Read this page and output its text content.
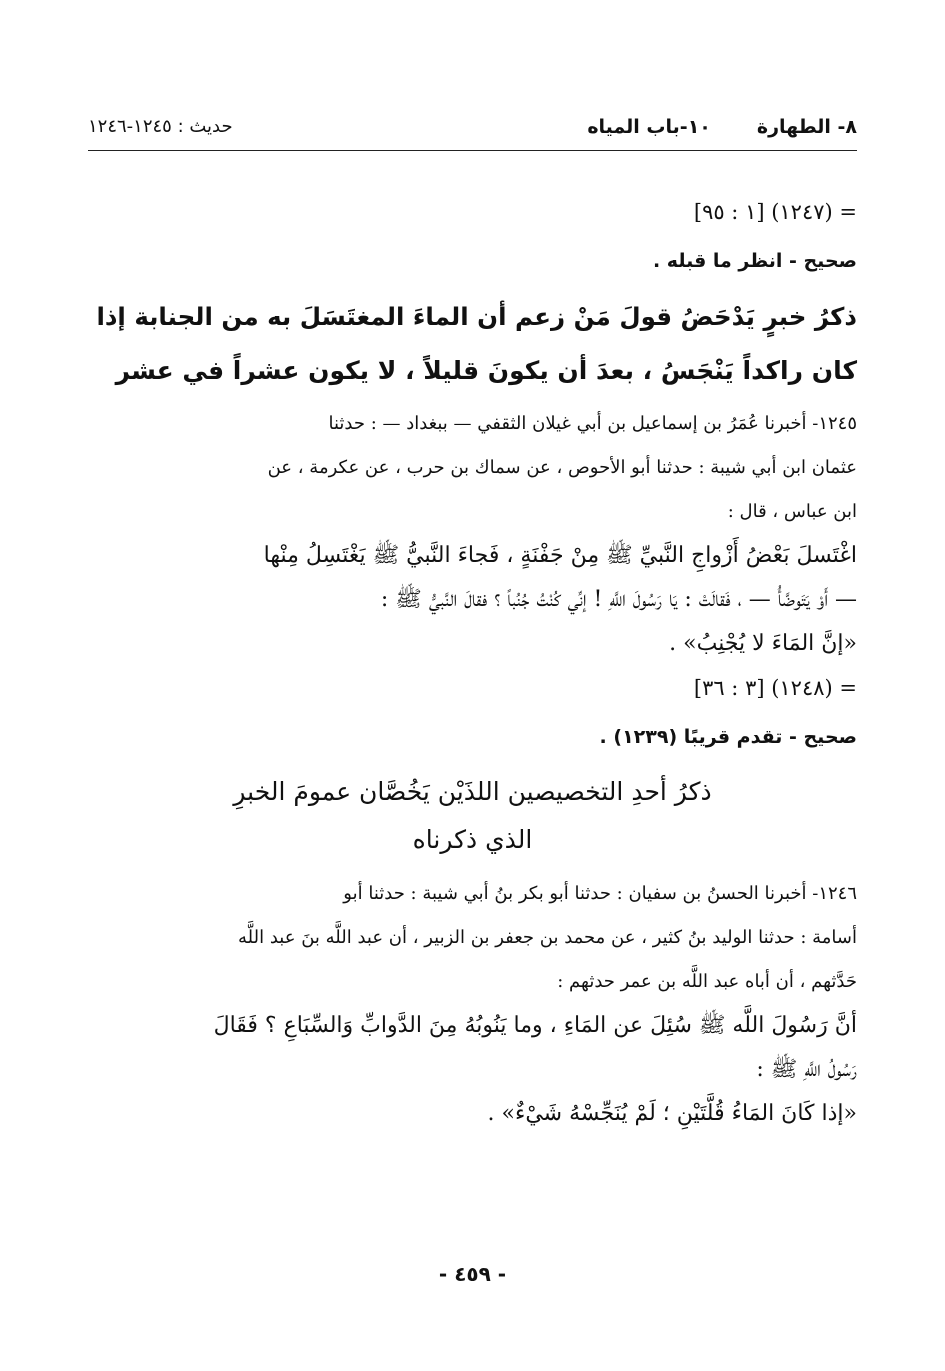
٨- الطهارة١٠-باب المياه
حديث : ١٢٤٥-١٢٤٦

= (١٢٤٧) [١ : ٩٥]

صحيح - انظر ما قبله .

ذكرُ خبرٍ يَدْحَضُ قولَ مَنْ زعم أن الماءَ المغتَسَلَ به من الجنابة إذا

كان راكداً يَنْجَسُ ، بعدَ أن يكونَ قليلاً ، لا يكون عشراً في عشر

١٢٤٥- أخبرنا عُمَرُ بن إسماعيل بن أبي غيلان الثقفي — ببغداد — : حدثنا

عثمان ابن أبي شيبة : حدثنا أبو الأحوص ، عن سماك بن حرب ، عن عكرمة ، عن

ابن عباس ، قال :

اغْتَسلَ بَعْضُ أَزْواجِ النَّبيِّ ﷺ مِنْ جَفْنَةٍ ، فَجاءَ النَّبيُّ ﷺ يَغْتَسِلُ مِنْها

— أَوْ يَتَوضَّأُ — ، فَقالَتْ : يَا رَسُولَ اللَّهِ ! إنِّي كُنْتُ جُنُباً ؟ فقالَ النَّبيُّ ﷺ :

«إنَّ المَاءَ لا يُجْنِبُ» .

= (١٢٤٨) [٣ : ٣٦]

صحيح - تقدم قريبًا (١٢٣٩) .

ذكرُ أحدِ التخصيصين اللذَيْن يَخُصَّان عمومَ الخبرِ
الذي ذكرناه

١٢٤٦- أخبرنا الحسنُ بن سفيان : حدثنا أبو بكر بنُ أبي شيبة : حدثنا أبو

أسامة : حدثنا الوليد بنُ كثير ، عن محمد بن جعفر بن الزبير ، أن عبد اللَّه بنَ عبد اللَّه

حَدَّثهم ، أن أباه عبد اللَّه بن عمر حدثهم :

أنَّ رَسُولَ اللَّه ﷺ سُئِلَ عن المَاءِ ، وما يَنُوبُهُ مِنَ الدَّوابِّ وَالسِّبَاعِ ؟ فَقَالَ

رَسُولُ اللَّهِ ﷺ :

«إذا كَانَ المَاءُ قُلَّتَيْنِ ؛ لَمْ يُنَجِّسْهُ شَيْءٌ» .

- ٤٥٩ -
